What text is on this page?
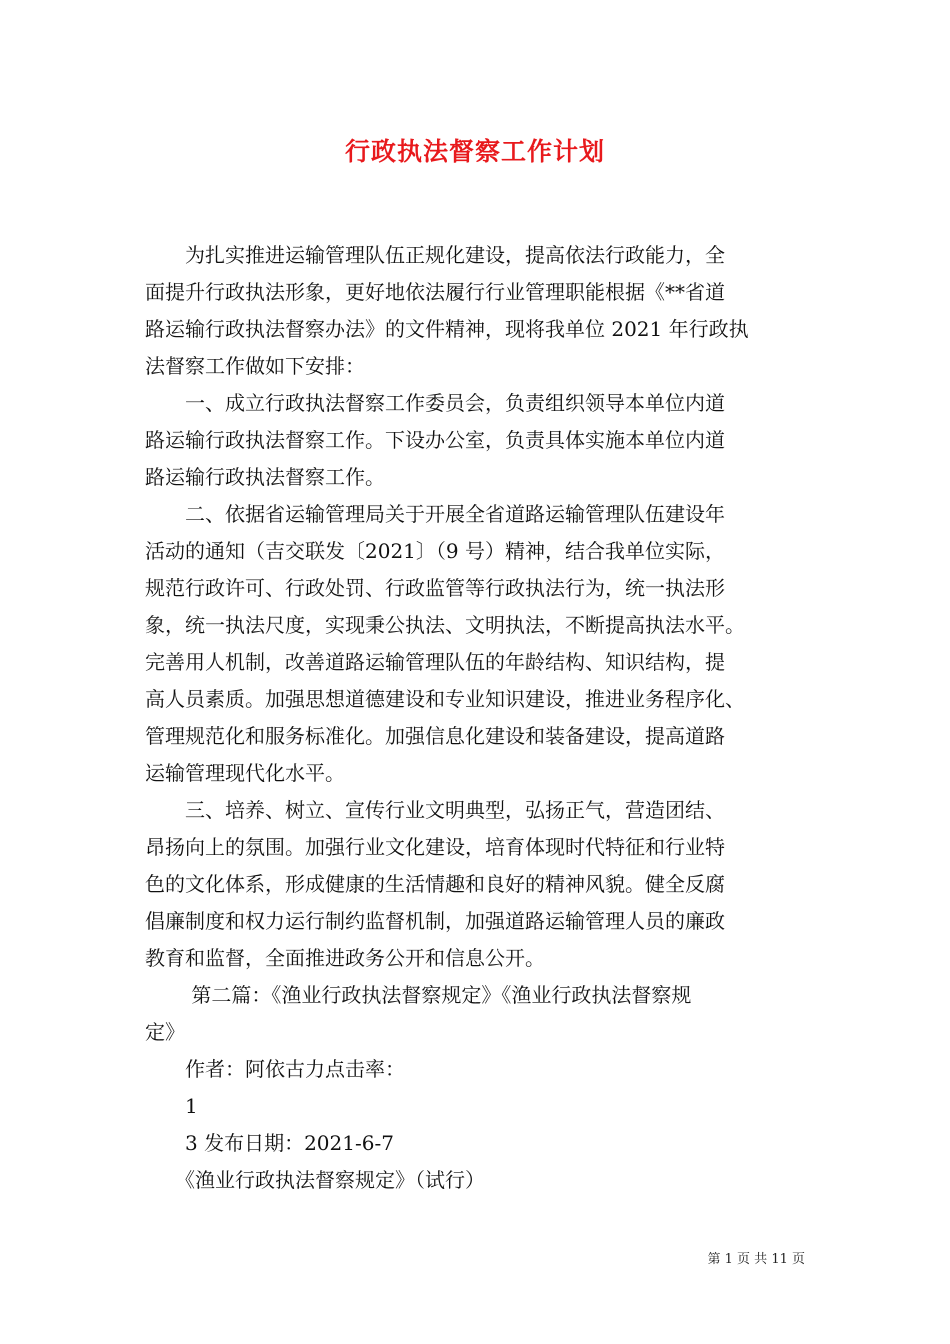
行政执法督察工作计划
　　为扎实推进运输管理队伍正规化建设，提高依法行政能力，全
面提升行政执法形象，更好地依法履行行业管理职能根据《**省道
路运输行政执法督察办法》的文件精神，现将我单位 2021 年行政执
法督察工作做如下安排：
　　一、成立行政执法督察工作委员会，负责组织领导本单位内道
路运输行政执法督察工作。下设办公室，负责具体实施本单位内道
路运输行政执法督察工作。
　　二、依据省运输管理局关于开展全省道路运输管理队伍建设年
活动的通知（吉交联发〔2021〕（9 号）精神，结合我单位实际，
规范行政许可、行政处罚、行政监管等行政执法行为，统一执法形
象，统一执法尺度，实现秉公执法、文明执法，不断提高执法水平。
完善用人机制，改善道路运输管理队伍的年龄结构、知识结构，提
高人员素质。加强思想道德建设和专业知识建设，推进业务程序化、
管理规范化和服务标准化。加强信息化建设和装备建设，提高道路
运输管理现代化水平。
　　三、培养、树立、宣传行业文明典型，弘扬正气，营造团结、
昂扬向上的氛围。加强行业文化建设，培育体现时代特征和行业特
色的文化体系，形成健康的生活情趣和良好的精神风貌。健全反腐
倡廉制度和权力运行制约监督机制，加强道路运输管理人员的廉政
教育和监督，全面推进政务公开和信息公开。
　　 第二篇：《渔业行政执法督察规定》《渔业行政执法督察规
定》
　　作者：阿依古力点击率：
　　1
　　3 发布日期：2021-6-7
　　《渔业行政执法督察规定》（试行）
第 1 页 共 11 页
